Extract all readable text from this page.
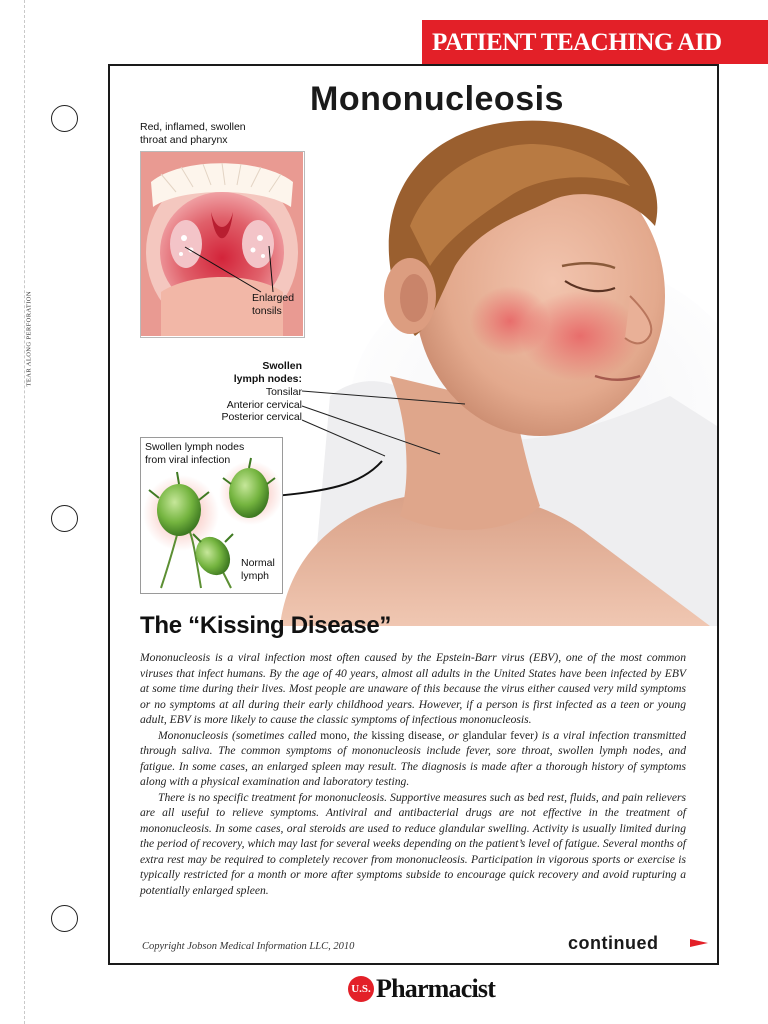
TEAR ALONG PERFORATION
PATIENT TEACHING AID
Mononucleosis
Red, inflamed, swollen
throat and pharynx
Enlarged
tonsils
Swollen
lymph nodes:
Tonsilar
Anterior cervical
Posterior cervical
Swollen lymph nodes
from viral infection
Normal
lymph
The “Kissing Disease”

Mononucleosis is a viral infection most often caused by the Epstein-Barr virus (EBV), one of the most common viruses that infect humans. By the age of 40 years, almost all adults in the United States have been infected by EBV at some time during their lives. Most people are unaware of this because the virus either caused very mild symptoms or no symptoms at all during their early childhood years. However, if a person is first infected as a teen or young adult, EBV is more likely to cause the classic symptoms of infectious mononucleosis.

Mononucleosis (sometimes called mono, the kissing disease, or glandular fever) is a viral infection transmitted through saliva. The common symptoms of mononucleosis include fever, sore throat, swollen lymph nodes, and fatigue. In some cases, an enlarged spleen may result. The diagnosis is made after a thorough history of symptoms along with a physical examination and laboratory testing.

There is no specific treatment for mononucleosis. Supportive measures such as bed rest, fluids, and pain relievers are all useful to relieve symptoms. Antiviral and antibacterial drugs are not effective in the treatment of mononucleosis. In some cases, oral steroids are used to reduce glandular swelling. Activity is usually limited during the period of recovery, which may last for several weeks depending on the patient’s level of fatigue. Several months of extra rest may be required to completely recover from mononucleosis. Participation in vigorous sports or exercise is typically restricted for a month or more after symptoms subside to encourage quick recovery and avoid rupturing a potentially enlarged spleen.

Copyright Jobson Medical Information LLC, 2010	continued
U.S. Pharmacist
